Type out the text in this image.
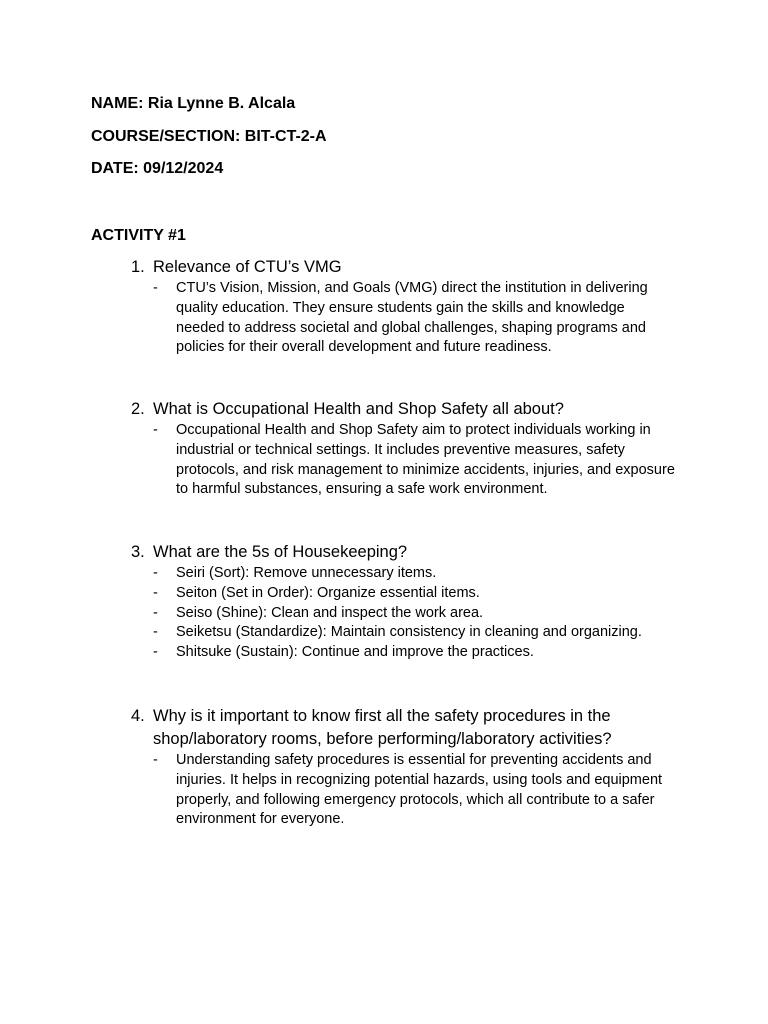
NAME: Ria Lynne B. Alcala
COURSE/SECTION: BIT-CT-2-A
DATE: 09/12/2024
ACTIVITY #1
1. Relevance of CTU’s VMG
- CTU’s Vision, Mission, and Goals (VMG) direct the institution in delivering quality education. They ensure students gain the skills and knowledge needed to address societal and global challenges, shaping programs and policies for their overall development and future readiness.
2. What is Occupational Health and Shop Safety all about?
- Occupational Health and Shop Safety aim to protect individuals working in industrial or technical settings. It includes preventive measures, safety protocols, and risk management to minimize accidents, injuries, and exposure to harmful substances, ensuring a safe work environment.
3. What are the 5s of Housekeeping?
- Seiri (Sort): Remove unnecessary items.
- Seiton (Set in Order): Organize essential items.
- Seiso (Shine): Clean and inspect the work area.
- Seiketsu (Standardize): Maintain consistency in cleaning and organizing.
- Shitsuke (Sustain): Continue and improve the practices.
4. Why is it important to know first all the safety procedures in the shop/laboratory rooms, before performing/laboratory activities?
- Understanding safety procedures is essential for preventing accidents and injuries. It helps in recognizing potential hazards, using tools and equipment properly, and following emergency protocols, which all contribute to a safer environment for everyone.
